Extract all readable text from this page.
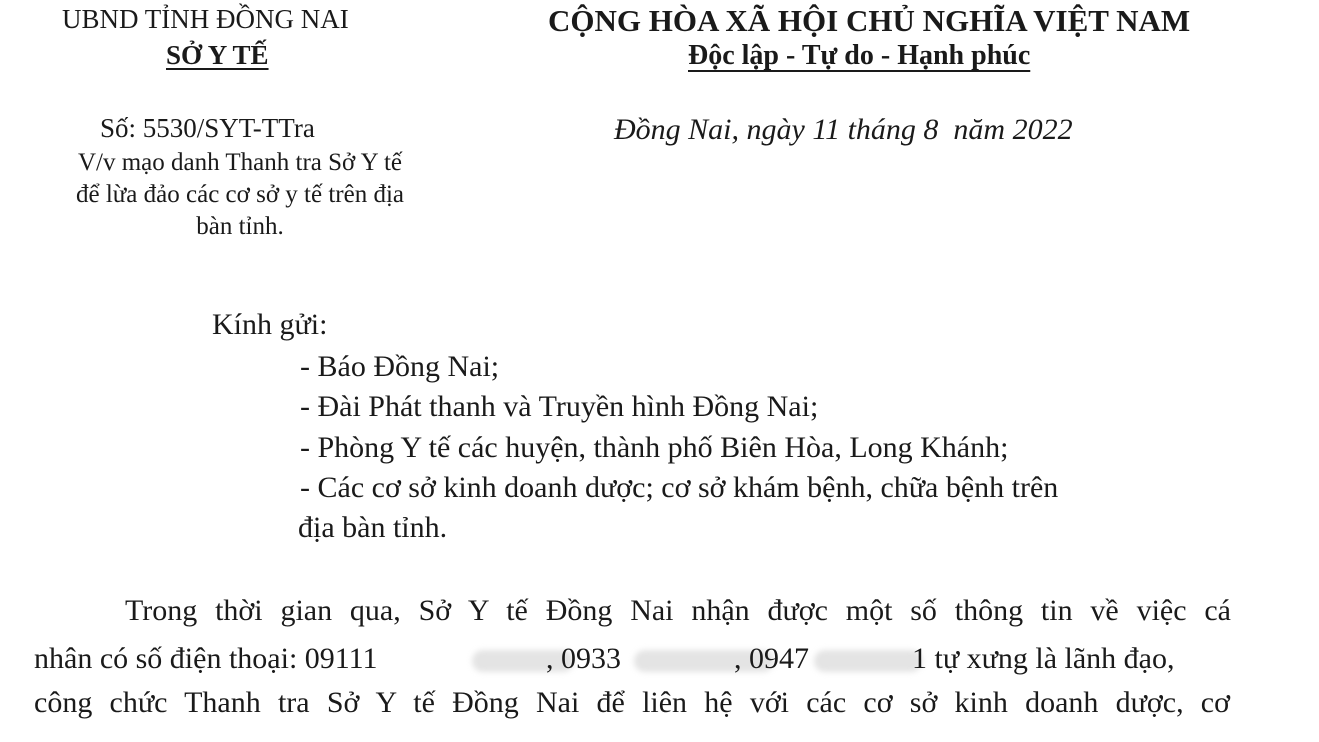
UBND TỈNH ĐỒNG NAI
SỞ Y TẾ
Số: 5530/SYT-TTra
V/v mạo danh Thanh tra Sở Y tế
để lừa đảo các cơ sở y tế trên địa
bàn tỉnh.
CỘNG HÒA XÃ HỘI CHỦ NGHĨA VIỆT NAM
Độc lập - Tự do - Hạnh phúc
Đồng Nai, ngày 11 tháng 8  năm 2022
Kính gửi:
- Báo Đồng Nai;
- Đài Phát thanh và Truyền hình Đồng Nai;
- Phòng Y tế các huyện, thành phố Biên Hòa, Long Khánh;
- Các cơ sở kinh doanh dược; cơ sở khám bệnh, chữa bệnh trên
địa bàn tỉnh.
Trong thời gian qua, Sở Y tế Đồng Nai nhận được một số thông tin về việc cá
nhân có số điện thoại: 09111	, 0933	, 0947	1 tự xưng là lãnh đạo,
công chức Thanh tra Sở Y tế Đồng Nai để liên hệ với các cơ sở kinh doanh dược, cơ
